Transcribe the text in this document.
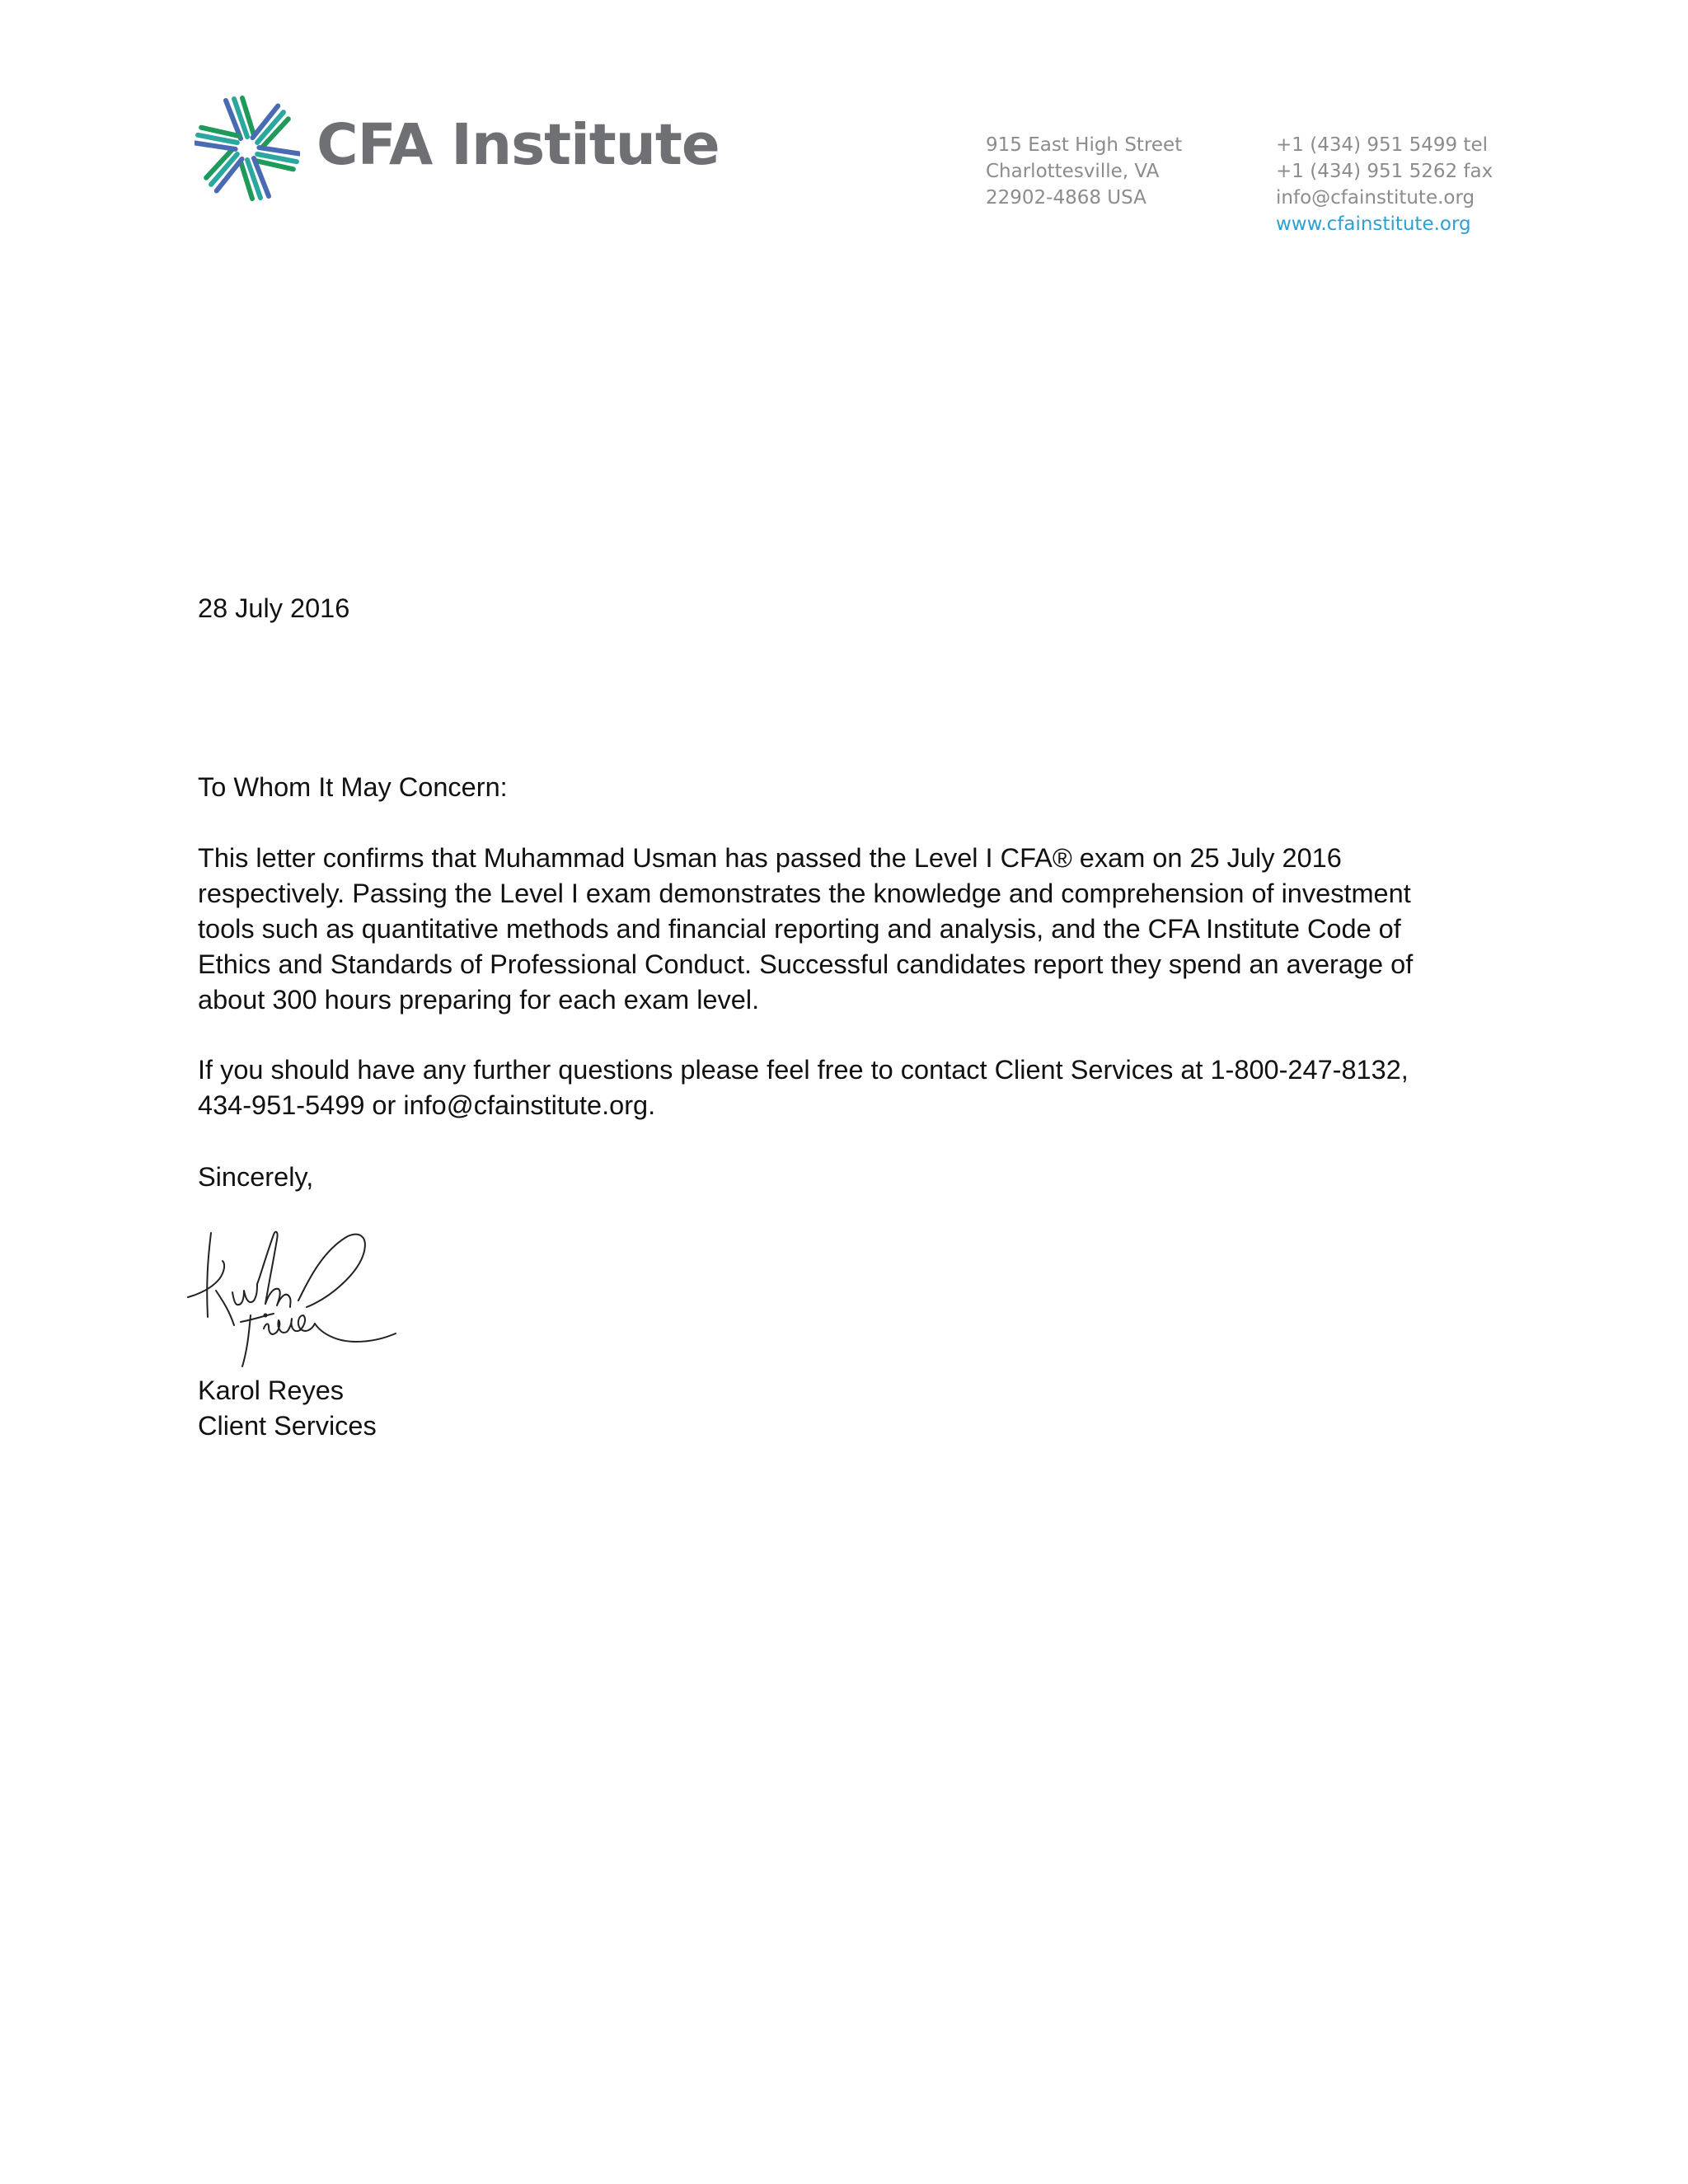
CFA Institute	915 East High Street
Charlottesville, VA
22902-4868 USA
+1 (434) 951 5499 tel
+1 (434) 951 5262 fax
info@cfainstitute.org
www.cfainstitute.org
28 July 2016
To Whom It May Concern:
This letter confirms that Muhammad Usman has passed the Level I CFA® exam on 25 July 2016
respectively. Passing the Level I exam demonstrates the knowledge and comprehension of investment
tools such as quantitative methods and financial reporting and analysis, and the CFA Institute Code of
Ethics and Standards of Professional Conduct. Successful candidates report they spend an average of
about 300 hours preparing for each exam level.
If you should have any further questions please feel free to contact Client Services at 1-800-247-8132,
434-951-5499 or info@cfainstitute.org.
Sincerely,
Karol Reyes
Client Services
